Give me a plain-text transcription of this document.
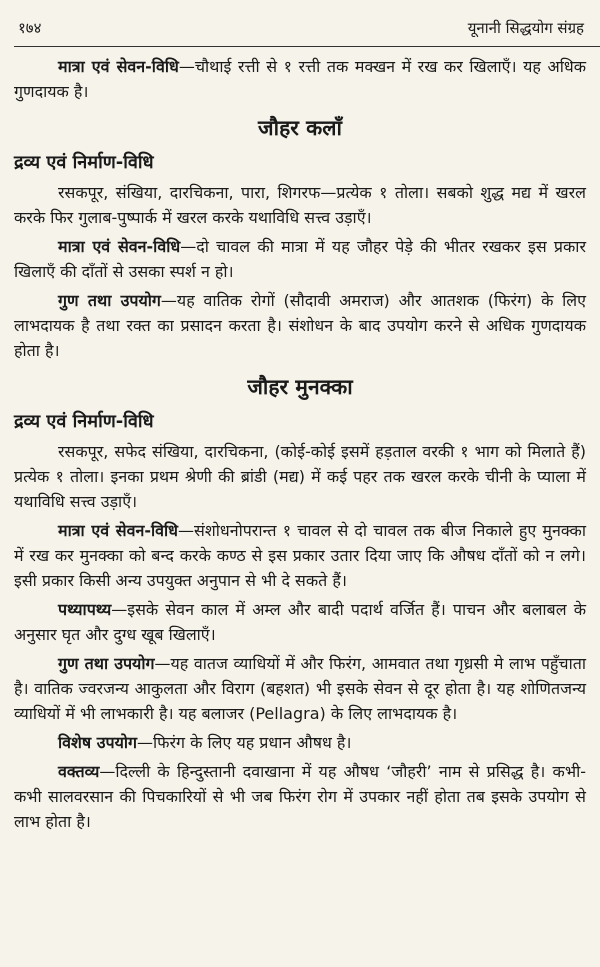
१७४	यूनानी सिद्धयोग संग्रह

मात्रा एवं सेवन-विधि—चौथाई रत्ती से १ रत्ती तक मक्खन में रख कर खिलाएँ। यह अधिक गुणदायक है।

जौहर कलाँ
द्रव्य एवं निर्माण-विधि

रसकपूर, संखिया, दारचिकना, पारा, शिगरफ—प्रत्येक १ तोला। सबको शुद्ध मद्य में खरल करके फिर गुलाब-पुष्पार्क में खरल करके यथाविधि सत्त्व उड़ाएँ।

मात्रा एवं सेवन-विधि—दो चावल की मात्रा में यह जौहर पेड़े की भीतर रखकर इस प्रकार खिलाएँ की दाँतों से उसका स्पर्श न हो।

गुण तथा उपयोग—यह वातिक रोगों (सौदावी अमराज) और आतशक (फिरंग) के लिए लाभदायक है तथा रक्त का प्रसादन करता है। संशोधन के बाद उपयोग करने से अधिक गुणदायक होता है।

जौहर मुनक्का
द्रव्य एवं निर्माण-विधि

रसकपूर, सफेद संखिया, दारचिकना, (कोई-कोई इसमें हड़ताल वरकी १ भाग को मिलाते हैं) प्रत्येक १ तोला। इनका प्रथम श्रेणी की ब्रांडी (मद्य) में कई पहर तक खरल करके चीनी के प्याला में यथाविधि सत्त्व उड़ाएँ।

मात्रा एवं सेवन-विधि—संशोधनोपरान्त १ चावल से दो चावल तक बीज निकाले हुए मुनक्का में रख कर मुनक्का को बन्द करके कण्ठ से इस प्रकार उतार दिया जाए कि औषध दाँतों को न लगे। इसी प्रकार किसी अन्य उपयुक्त अनुपान से भी दे सकते हैं।

पथ्यापथ्य—इसके सेवन काल में अम्ल और बादी पदार्थ वर्जित हैं। पाचन और बलाबल के अनुसार घृत और दुग्ध खूब खिलाएँ।

गुण तथा उपयोग—यह वातज व्याधियों में और फिरंग, आमवात तथा गृध्रसी मे लाभ पहुँचाता है। वातिक ज्वरजन्य आकुलता और विराग (बहशत) भी इसके सेवन से दूर होता है। यह शोणितजन्य व्याधियों में भी लाभकारी है। यह बलाजर (Pellagra) के लिए लाभदायक है।

विशेष उपयोग—फिरंग के लिए यह प्रधान औषध है।

वक्तव्य—दिल्ली के हिन्दुस्तानी दवाखाना में यह औषध ‘जौहरी’ नाम से प्रसिद्ध है। कभी-कभी सालवरसान की पिचकारियों से भी जब फिरंग रोग में उपकार नहीं होता तब इसके उपयोग से लाभ होता है।
